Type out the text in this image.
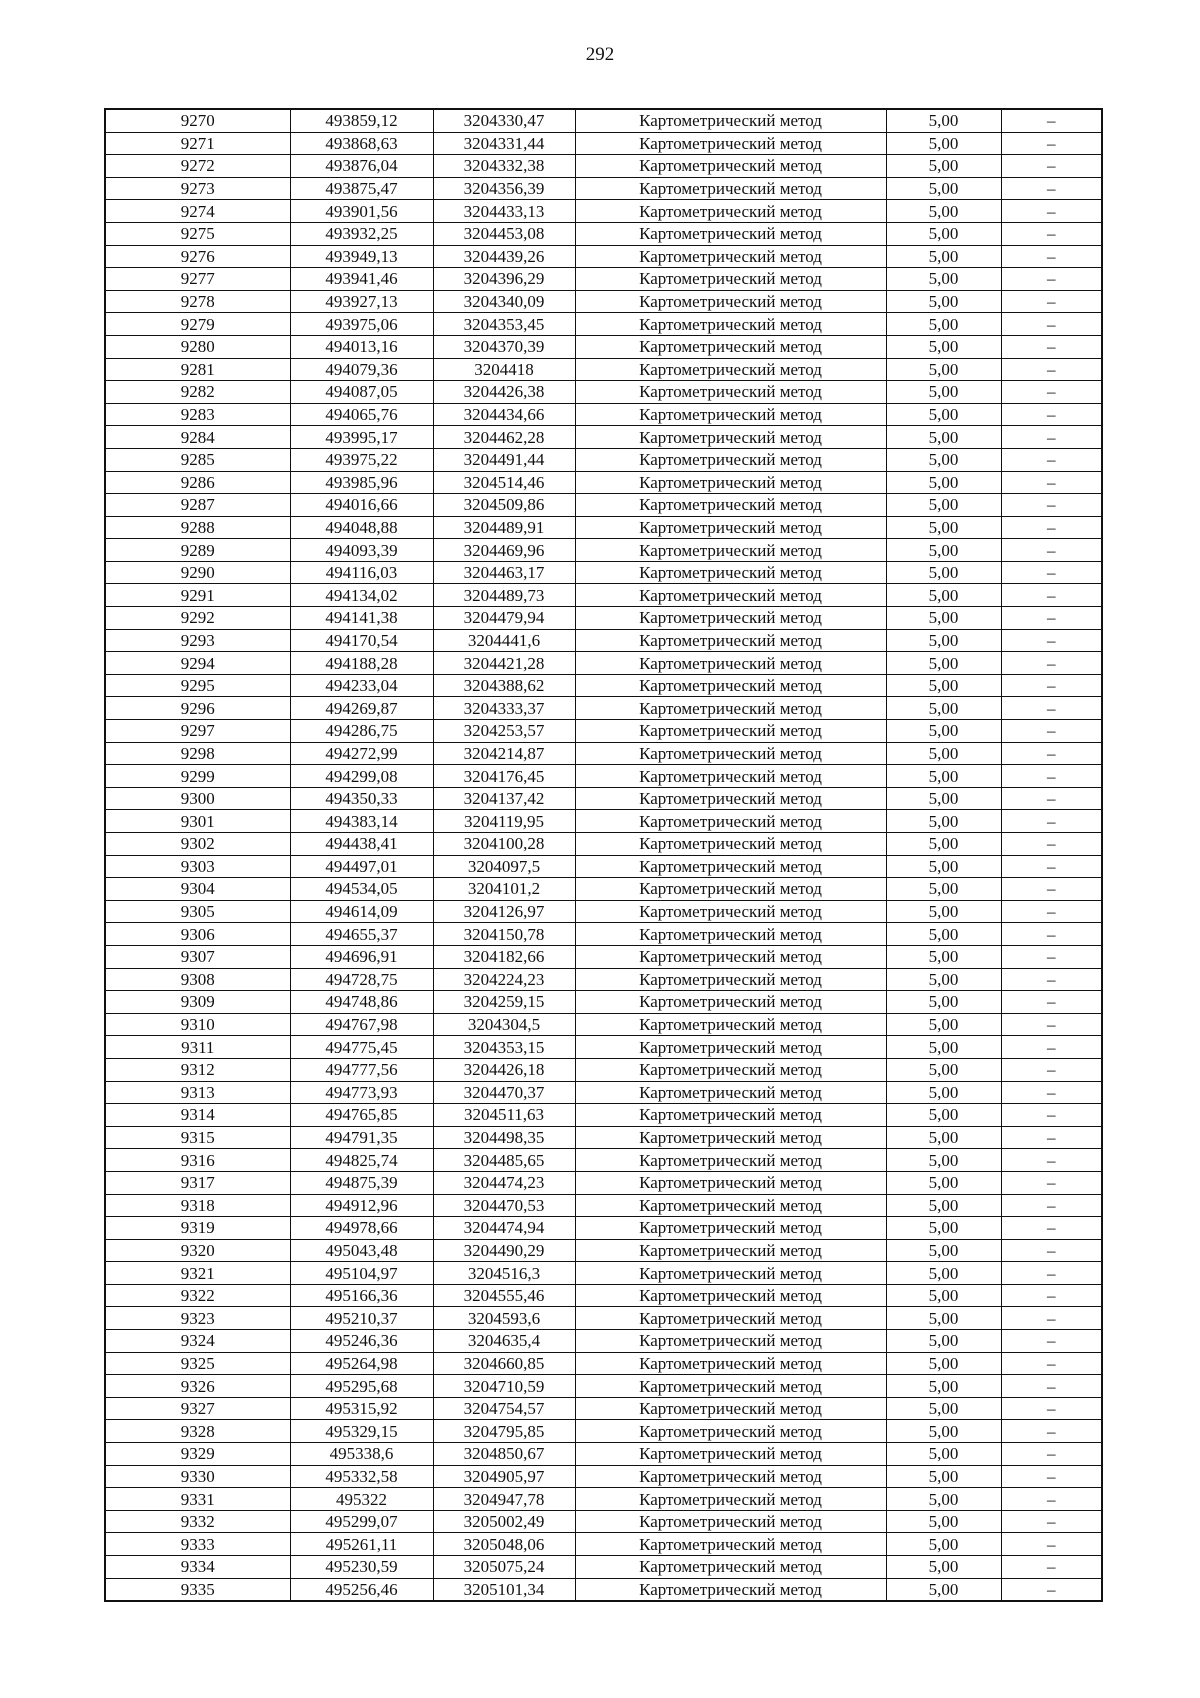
292
9270	493859,12	3204330,47	Картометрический метод	5,00	–
9271	493868,63	3204331,44	Картометрический метод	5,00	–
9272	493876,04	3204332,38	Картометрический метод	5,00	–
9273	493875,47	3204356,39	Картометрический метод	5,00	–
9274	493901,56	3204433,13	Картометрический метод	5,00	–
9275	493932,25	3204453,08	Картометрический метод	5,00	–
9276	493949,13	3204439,26	Картометрический метод	5,00	–
9277	493941,46	3204396,29	Картометрический метод	5,00	–
9278	493927,13	3204340,09	Картометрический метод	5,00	–
9279	493975,06	3204353,45	Картометрический метод	5,00	–
9280	494013,16	3204370,39	Картометрический метод	5,00	–
9281	494079,36	3204418	Картометрический метод	5,00	–
9282	494087,05	3204426,38	Картометрический метод	5,00	–
9283	494065,76	3204434,66	Картометрический метод	5,00	–
9284	493995,17	3204462,28	Картометрический метод	5,00	–
9285	493975,22	3204491,44	Картометрический метод	5,00	–
9286	493985,96	3204514,46	Картометрический метод	5,00	–
9287	494016,66	3204509,86	Картометрический метод	5,00	–
9288	494048,88	3204489,91	Картометрический метод	5,00	–
9289	494093,39	3204469,96	Картометрический метод	5,00	–
9290	494116,03	3204463,17	Картометрический метод	5,00	–
9291	494134,02	3204489,73	Картометрический метод	5,00	–
9292	494141,38	3204479,94	Картометрический метод	5,00	–
9293	494170,54	3204441,6	Картометрический метод	5,00	–
9294	494188,28	3204421,28	Картометрический метод	5,00	–
9295	494233,04	3204388,62	Картометрический метод	5,00	–
9296	494269,87	3204333,37	Картометрический метод	5,00	–
9297	494286,75	3204253,57	Картометрический метод	5,00	–
9298	494272,99	3204214,87	Картометрический метод	5,00	–
9299	494299,08	3204176,45	Картометрический метод	5,00	–
9300	494350,33	3204137,42	Картометрический метод	5,00	–
9301	494383,14	3204119,95	Картометрический метод	5,00	–
9302	494438,41	3204100,28	Картометрический метод	5,00	–
9303	494497,01	3204097,5	Картометрический метод	5,00	–
9304	494534,05	3204101,2	Картометрический метод	5,00	–
9305	494614,09	3204126,97	Картометрический метод	5,00	–
9306	494655,37	3204150,78	Картометрический метод	5,00	–
9307	494696,91	3204182,66	Картометрический метод	5,00	–
9308	494728,75	3204224,23	Картометрический метод	5,00	–
9309	494748,86	3204259,15	Картометрический метод	5,00	–
9310	494767,98	3204304,5	Картометрический метод	5,00	–
9311	494775,45	3204353,15	Картометрический метод	5,00	–
9312	494777,56	3204426,18	Картометрический метод	5,00	–
9313	494773,93	3204470,37	Картометрический метод	5,00	–
9314	494765,85	3204511,63	Картометрический метод	5,00	–
9315	494791,35	3204498,35	Картометрический метод	5,00	–
9316	494825,74	3204485,65	Картометрический метод	5,00	–
9317	494875,39	3204474,23	Картометрический метод	5,00	–
9318	494912,96	3204470,53	Картометрический метод	5,00	–
9319	494978,66	3204474,94	Картометрический метод	5,00	–
9320	495043,48	3204490,29	Картометрический метод	5,00	–
9321	495104,97	3204516,3	Картометрический метод	5,00	–
9322	495166,36	3204555,46	Картометрический метод	5,00	–
9323	495210,37	3204593,6	Картометрический метод	5,00	–
9324	495246,36	3204635,4	Картометрический метод	5,00	–
9325	495264,98	3204660,85	Картометрический метод	5,00	–
9326	495295,68	3204710,59	Картометрический метод	5,00	–
9327	495315,92	3204754,57	Картометрический метод	5,00	–
9328	495329,15	3204795,85	Картометрический метод	5,00	–
9329	495338,6	3204850,67	Картометрический метод	5,00	–
9330	495332,58	3204905,97	Картометрический метод	5,00	–
9331	495322	3204947,78	Картометрический метод	5,00	–
9332	495299,07	3205002,49	Картометрический метод	5,00	–
9333	495261,11	3205048,06	Картометрический метод	5,00	–
9334	495230,59	3205075,24	Картометрический метод	5,00	–
9335	495256,46	3205101,34	Картометрический метод	5,00	–
